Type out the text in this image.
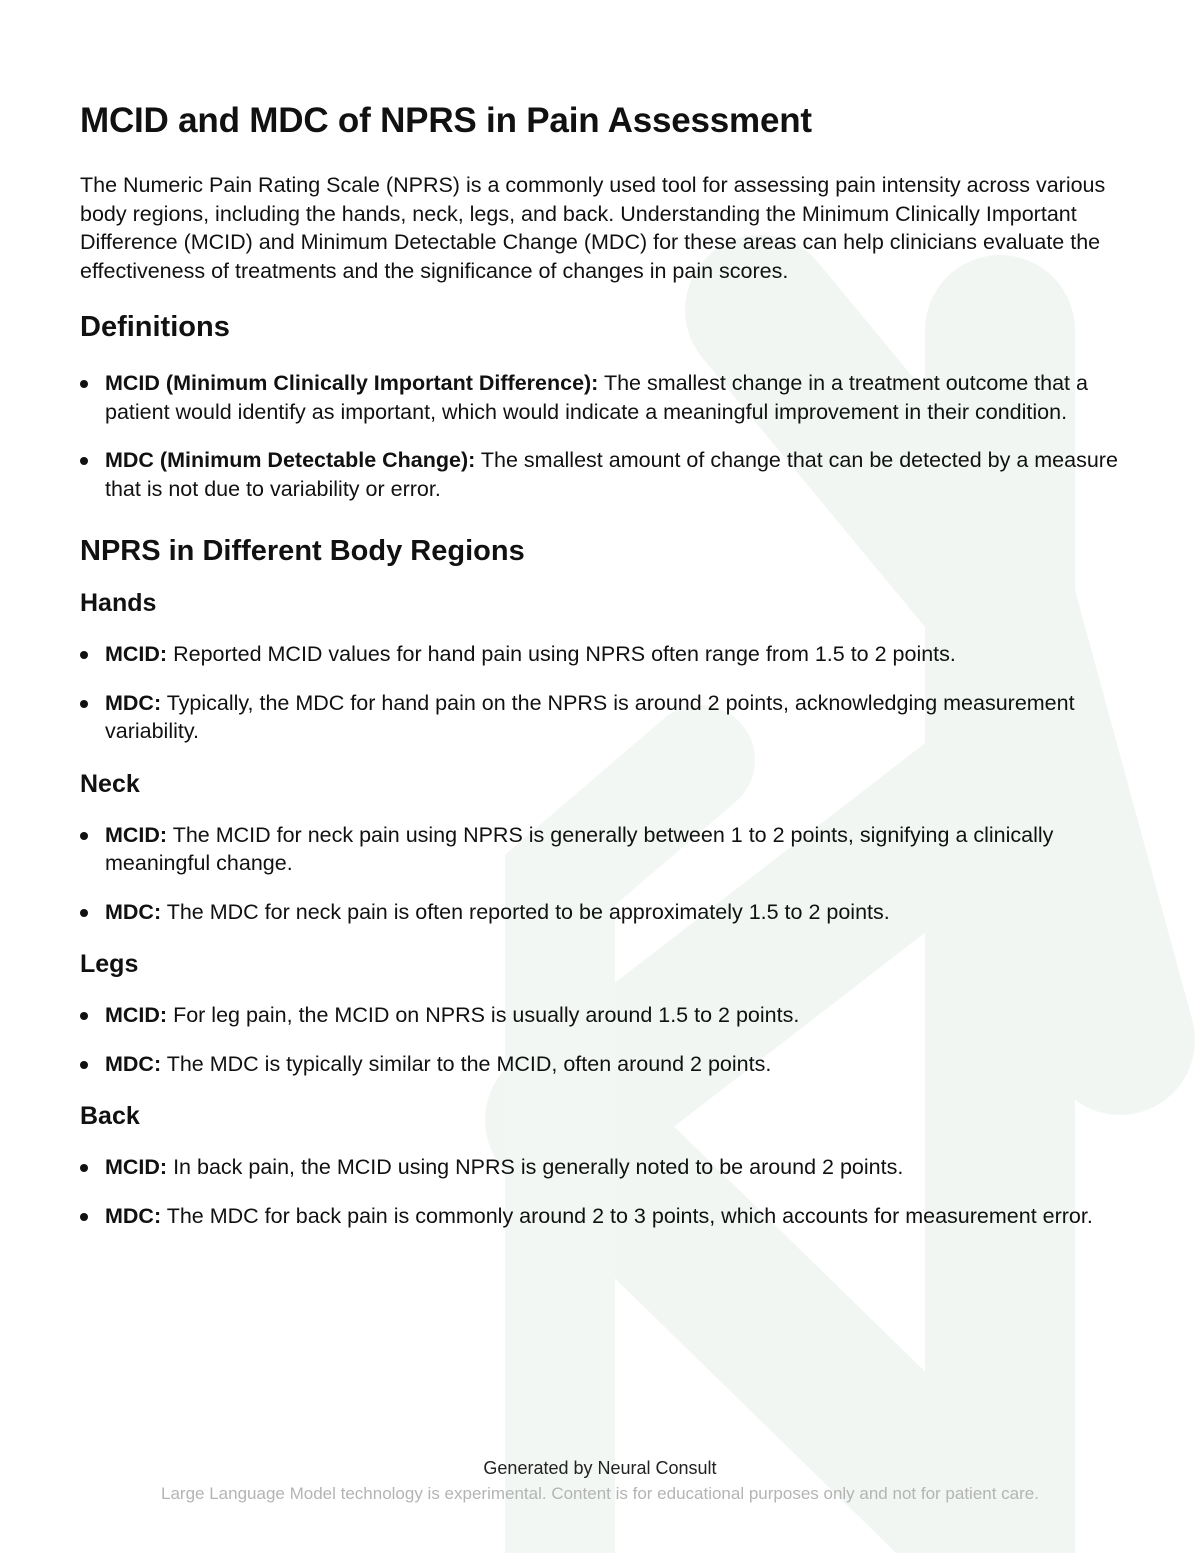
MCID and MDC of NPRS in Pain Assessment

The Numeric Pain Rating Scale (NPRS) is a commonly used tool for assessing pain intensity across various body regions, including the hands, neck, legs, and back. Understanding the Minimum Clinically Important Difference (MCID) and Minimum Detectable Change (MDC) for these areas can help clinicians evaluate the effectiveness of treatments and the significance of changes in pain scores.

Definitions
MCID (Minimum Clinically Important Difference): The smallest change in a treatment outcome that a patient would identify as important, which would indicate a meaningful improvement in their condition.
MDC (Minimum Detectable Change): The smallest amount of change that can be detected by a measure that is not due to variability or error.
NPRS in Different Body Regions
Hands
MCID: Reported MCID values for hand pain using NPRS often range from 1.5 to 2 points.
MDC: Typically, the MDC for hand pain on the NPRS is around 2 points, acknowledging measurement variability.
Neck
MCID: The MCID for neck pain using NPRS is generally between 1 to 2 points, signifying a clinically meaningful change.
MDC: The MDC for neck pain is often reported to be approximately 1.5 to 2 points.
Legs
MCID: For leg pain, the MCID on NPRS is usually around 1.5 to 2 points.
MDC: The MDC is typically similar to the MCID, often around 2 points.
Back
MCID: In back pain, the MCID using NPRS is generally noted to be around 2 points.
MDC: The MDC for back pain is commonly around 2 to 3 points, which accounts for measurement error.
Generated by Neural Consult
Large Language Model technology is experimental. Content is for educational purposes only and not for patient care.
